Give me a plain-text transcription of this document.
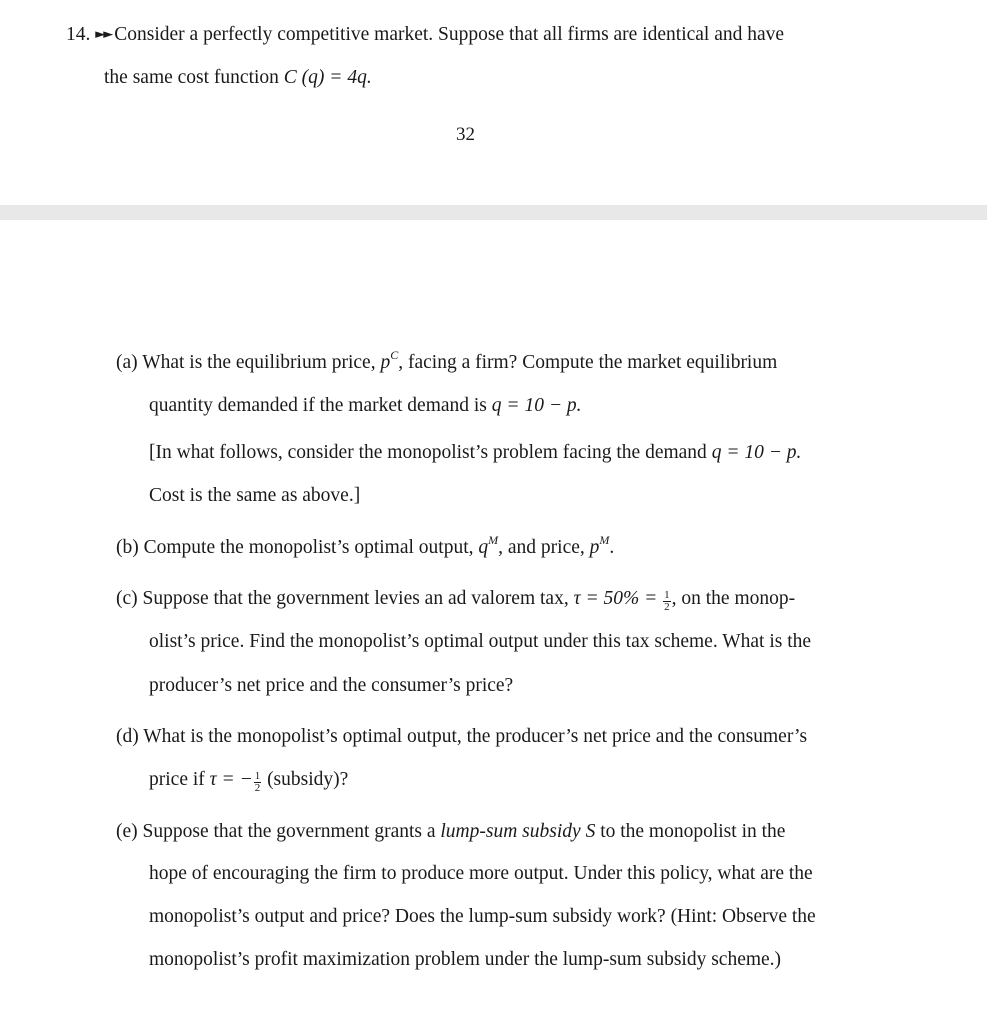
14. ►► Consider a perfectly competitive market. Suppose that all firms are identical and have
the same cost function C (q) = 4q.
32
(a) What is the equilibrium price, $p^C$, facing a firm? Compute the market equilibrium
quantity demanded if the market demand is q = 10 − p.
[In what follows, consider the monopolist’s problem facing the demand q = 10 − p.
Cost is the same as above.]
(b) Compute the monopolist’s optimal output, $q^M$, and price, $p^M$.
(c) Suppose that the government levies an ad valorem tax, $\tau = 50\% = \frac{1}{2}$ , on the monop-
olist’s price. Find the monopolist’s optimal output under this tax scheme. What is the
producer’s net price and the consumer’s price?
(d) What is the monopolist’s optimal output, the producer’s net price and the consumer’s
price if τ = − $\frac{1}{2}$ (subsidy)?
(e) Suppose that the government grants a lump-sum subsidy S to the monopolist in the
hope of encouraging the firm to produce more output. Under this policy, what are the
monopolist’s output and price? Does the lump-sum subsidy work? (Hint: Observe the
monopolist’s profit maximization problem under the lump-sum subsidy scheme.)
